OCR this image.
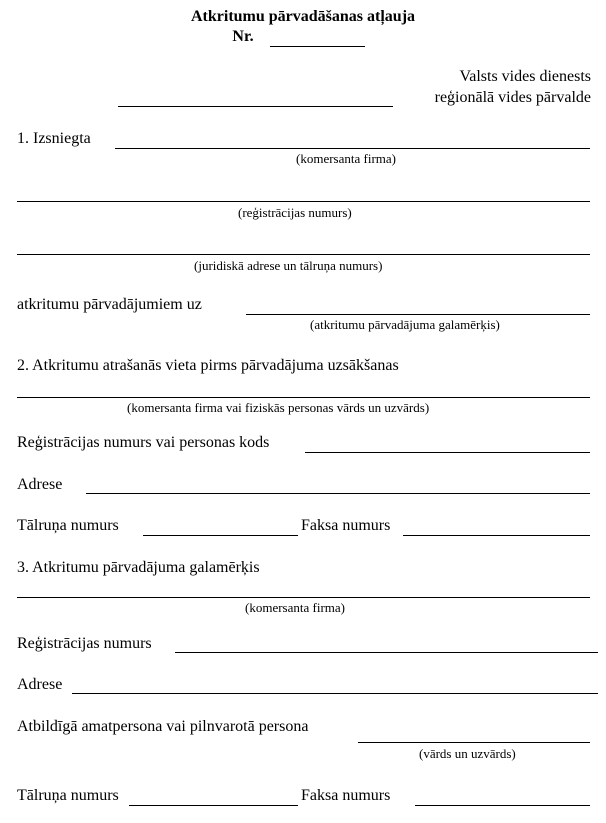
Atkritumu pārvadāšanas atļauja
Nr.
Valsts vides dienests
reģionālā vides pārvalde
1. Izsniegta
(komersanta firma)
(reģistrācijas numurs)
(juridiskā adrese un tālruņa numurs)
atkritumu pārvadājumiem uz
(atkritumu pārvadājuma galamērķis)
2. Atkritumu atrašanās vieta pirms pārvadājuma uzsākšanas
(komersanta firma vai fiziskās personas vārds un uzvārds)
Reģistrācijas numurs vai personas kods
Adrese
Tālruņa numurs	Faksa numurs
3. Atkritumu pārvadājuma galamērķis
(komersanta firma)
Reģistrācijas numurs
Adrese
Atbildīgā amatpersona vai pilnvarotā persona
(vārds un uzvārds)
Tālruņa numurs	Faksa numurs
